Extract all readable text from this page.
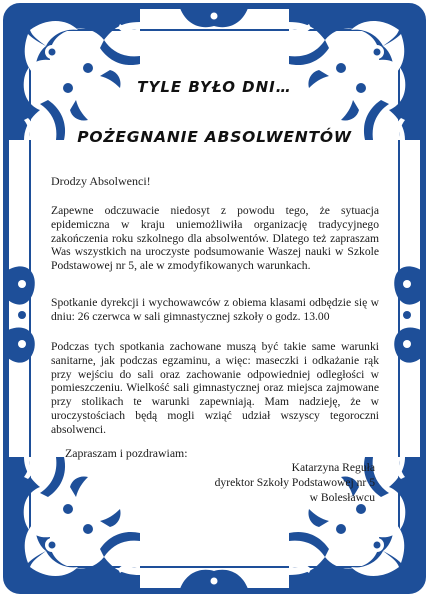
TYLE BYŁO DNI…
POŻEGNANIE ABSOLWENTÓW

Drodzy Absolwenci!

Zapewne odczuwacie niedosyt z powodu tego, że sytuacja epidemiczna w kraju uniemożliwiła organizację tradycyjnego zakończenia roku szkolnego dla absolwentów. Dlatego też zapraszam Was wszystkich na uroczyste podsumowanie Waszej nauki w Szkole Podstawowej nr 5, ale w zmodyfikowanych warunkach.

Spotkanie dyrekcji i wychowawców z obiema klasami odbędzie się w dniu: 26 czerwca w sali gimnastycznej szkoły o godz. 13.00

Podczas tych spotkania zachowane muszą być takie same warunki sanitarne, jak podczas egzaminu, a więc: maseczki i odkażanie rąk przy wejściu do sali oraz zachowanie odpowiedniej odległości w pomieszczeniu. Wielkość sali gimnastycznej oraz miejsca zajmowane przy stolikach te warunki zapewniają. Mam nadzieję, że w uroczystościach będą mogli wziąć udział wszyscy tegoroczni absolwenci.

Zapraszam i pozdrawiam:

Katarzyna Reguła
dyrektor Szkoły Podstawowej nr 5
w Bolesławcu
